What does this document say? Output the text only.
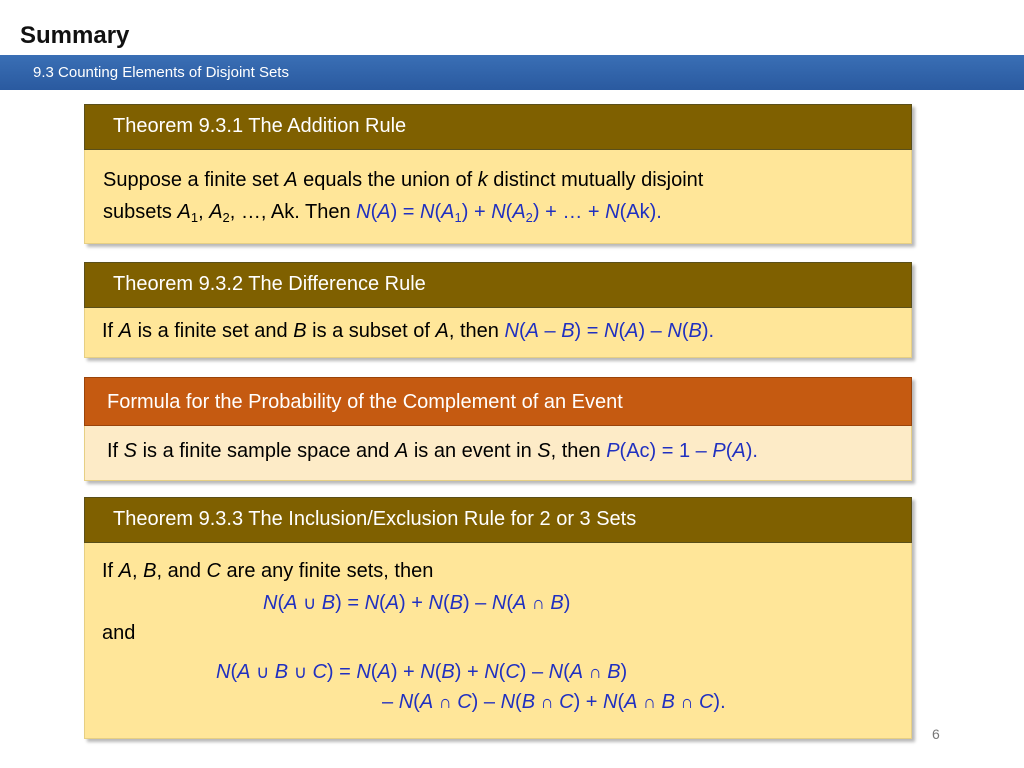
Summary
9.3 Counting Elements of Disjoint Sets
Theorem 9.3.1 The Addition Rule
Suppose a finite set A equals the union of k distinct mutually disjoint
subsets $A_1$, $A_2$, …, Ak. Then $N(A) = N(A_1) + N(A_2)$ + … + N(Ak).
Theorem 9.3.2 The Difference Rule
If A is a finite set and B is a subset of A, then N(A – B) = N(A) – N(B).
Formula for the Probability of the Complement of an Event
If S is a finite sample space and A is an event in S, then P(Ac) = 1 – P(A).
Theorem 9.3.3 The Inclusion/Exclusion Rule for 2 or 3 Sets
If A, B, and C are any finite sets, then
N(A ∪ B) = N(A) + N(B) – N(A ∩ B)
and
N(A ∪ B ∪ C) = N(A) + N(B) + N(C) – N(A ∩ B)
– N(A ∩ C) – N(B ∩ C) + N(A ∩ B ∩ C).
6
